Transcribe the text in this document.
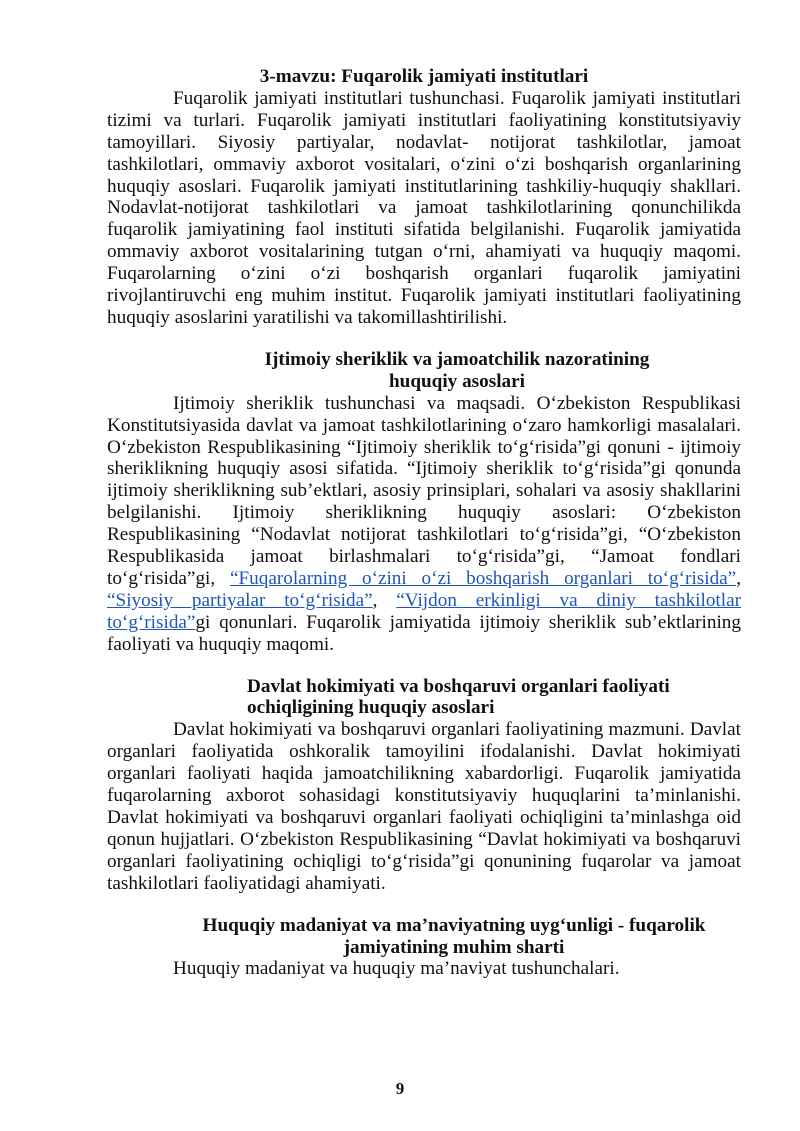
3-mavzu: Fuqarolik jamiyati institutlari

Fuqarolik jamiyati institutlari tushunchasi. Fuqarolik jamiyati institutlari tizimi va turlari. Fuqarolik jamiyati institutlari faoliyatining konstitutsiyaviy tamoyillari. Siyosiy partiyalar, nodavlat- notijorat tashkilotlar, jamoat tashkilotlari, ommaviy axborot vositalari, o‘zini o‘zi boshqarish organlarining huquqiy asoslari. Fuqarolik jamiyati institutlarining tashkiliy-huquqiy shakllari. Nodavlat-notijorat tashkilotlari va jamoat tashkilotlarining qonunchilikda fuqarolik jamiyatining faol instituti sifatida belgilanishi. Fuqarolik jamiyatida ommaviy axborot vositalarining tutgan o‘rni, ahamiyati va huquqiy maqomi. Fuqarolarning o‘zini o‘zi boshqarish organlari fuqarolik jamiyatini rivojlantiruvchi eng muhim institut. Fuqarolik jamiyati institutlari faoliyatining huquqiy asoslarini yaratilishi va takomillashtirilishi.

Ijtimoiy sheriklik va jamoatchilik nazoratining
huquqiy asoslari

Ijtimoiy sheriklik tushunchasi va maqsadi. O‘zbekiston Respublikasi Konstitutsiyasida davlat va jamoat tashkilotlarining o‘zaro hamkorligi masalalari. O‘zbekiston Respublikasining “Ijtimoiy sheriklik to‘g‘risida”gi qonuni - ijtimoiy sheriklikning huquqiy asosi sifatida. “Ijtimoiy sheriklik to‘g‘risida”gi qonunda ijtimoiy sheriklikning sub’ektlari, asosiy prinsiplari, sohalari va asosiy shakllarini belgilanishi. Ijtimoiy sheriklikning huquqiy asoslari: O‘zbekiston Respublikasining “Nodavlat notijorat tashkilotlari to‘g‘risida”gi, “O‘zbekiston Respublikasida jamoat birlashmalari to‘g‘risida”gi, “Jamoat fondlari to‘g‘risida”gi, “Fuqarolarning o‘zini o‘zi boshqarish organlari to‘g‘risida”, “Siyosiy partiyalar to‘g‘risida”, “Vijdon erkinligi va diniy tashkilotlar to‘g‘risida”gi qonunlari. Fuqarolik jamiyatida ijtimoiy sheriklik sub’ektlarining faoliyati va huquqiy maqomi.

Davlat hokimiyati va boshqaruvi organlari faoliyati
ochiqligining huquqiy asoslari

Davlat hokimiyati va boshqaruvi organlari faoliyatining mazmuni. Davlat organlari faoliyatida oshkoralik tamoyilini ifodalanishi. Davlat hokimiyati organlari faoliyati haqida jamoatchilikning xabardorligi. Fuqarolik jamiyatida fuqarolarning axborot sohasidagi konstitutsiyaviy huquqlarini ta’minlanishi. Davlat hokimiyati va boshqaruvi organlari faoliyati ochiqligini ta’minlashga oid qonun hujjatlari. O‘zbekiston Respublikasining “Davlat hokimiyati va boshqaruvi organlari faoliyatining ochiqligi to‘g‘risida”gi qonunining fuqarolar va jamoat tashkilotlari faoliyatidagi ahamiyati.

Huquqiy madaniyat va ma’naviyatning uyg‘unligi - fuqarolik
jamiyatining muhim sharti

Huquqiy madaniyat va huquqiy ma’naviyat tushunchalari.

9
